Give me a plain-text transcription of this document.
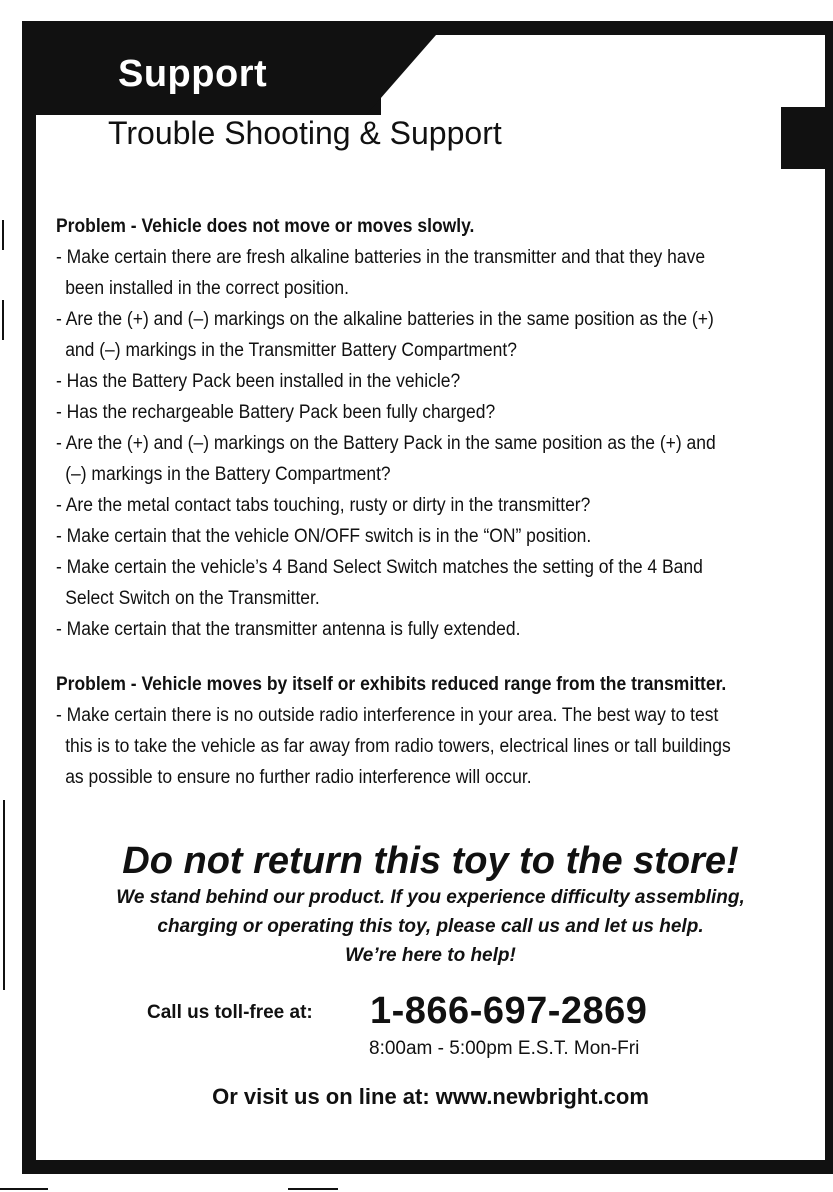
Support
Trouble Shooting & Support
Problem - Vehicle does not move or moves slowly.
- Make certain there are fresh alkaline batteries in the transmitter and that they have been installed in the correct position.
- Are the (+) and (–) markings on the alkaline batteries in the same position as the (+) and (–) markings in the Transmitter Battery Compartment?
- Has the Battery Pack been installed in the vehicle?
- Has the rechargeable Battery Pack been fully charged?
- Are the (+) and (–) markings on the Battery Pack in the same position as the (+) and (–) markings in the Battery Compartment?
- Are the metal contact tabs touching, rusty or dirty in the transmitter?
- Make certain that the vehicle ON/OFF switch is in the “ON” position.
- Make certain the vehicle’s 4 Band Select Switch matches the setting of the 4 Band Select Switch on the Transmitter.
- Make certain that the transmitter antenna is fully extended.
Problem - Vehicle moves by itself or exhibits reduced range from the transmitter.
- Make certain there is no outside radio interference in your area. The best way to test this is to take the vehicle as far away from radio towers, electrical lines or tall buildings as possible to ensure no further radio interference will occur.
Do not return this toy to the store!
We stand behind our product. If you experience difficulty assembling,
charging or operating this toy, please call us and let us help.
We’re here to help!
Call us toll-free at: 1-866-697-2869
8:00am - 5:00pm E.S.T. Mon-Fri
Or visit us on line at: www.newbright.com
